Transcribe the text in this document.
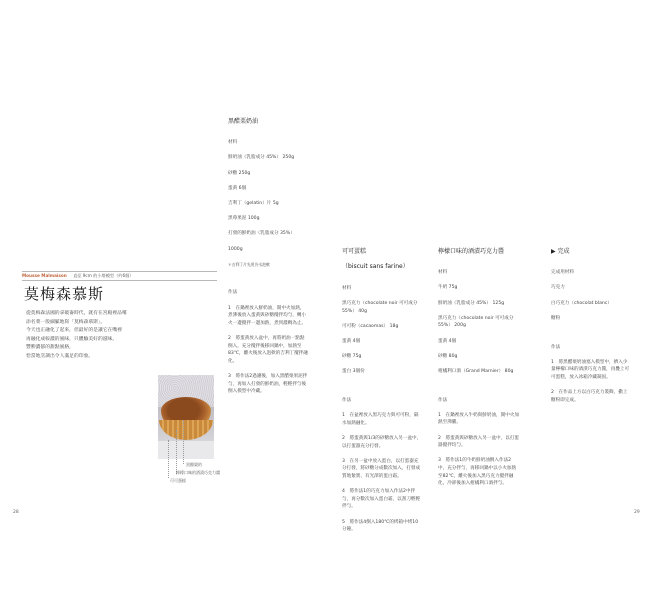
Mousse Malmaison 直徑 9cm 的小塔模型（約6個）
莫梅森慕斯
從莫梅森法國的拿破崙時代，就有在宮殿裡品嚐
添名菜一般細膩地寫「莫梅森慕斯」。
今天也正融化了起來，但最好的是讓它在嘴裡
再融化成較濃的風味，只體驗美好的滋味。
豐腴濃郁的甜點風格，
恰當地烹調出令人滿足的印象。
黑醋栗的
檸檬口味的酒漬巧克力醬
可可蛋糕
28

黑醋栗奶油

材料

鮮奶油（乳脂成分 45%） 250g

砂糖 250g

蛋黃 6個

吉利丁（gelatin）片 5g

黑莓果泥 100g

打發的鮮奶油（乳脂成分 35%）

1000g

＊吉利丁片先用冷水泡軟

作法

1　在鍋裡放入鮮奶油，開中火加熱，煮沸後放入蛋黃與砂糖攪拌均勻，轉小火一邊攪拌一邊加熱，煮到濃稠為止。

2　將蛋黃放入盆中，再將奶油一點點倒入，充分攪拌後移回鍋中，加熱至83℃，離火後放入泡軟的吉利丁攪拌融化。

3　將作法2過濾後，加入黑醋栗果泥拌勻，再加入打發的鮮奶油，輕輕拌勻後倒入模型中冷藏。

可可蛋糕

（biscuit sans farine）

材料

黑巧克力（chocolate noir 可可成分 55%） 40g

可可粉（cacaomas） 18g

蛋黃 4個

砂糖 75g

蛋白 3個份

作法

1　在盆裡放入黑巧克力與可可粉，隔水加熱融化。

2　將蛋黃與1/3的砂糖放入另一盆中，以打蛋器充分打發。

3　在另一盆中放入蛋白，以打蛋器充分打發，將砂糖分成數次加入，打發成質地紮實、有光澤的蛋白霜。

4　將作法1的巧克力加入作法2中拌勻，再分數次加入蛋白霜，以刮刀輕輕拌勻。

5　將作法4倒入180℃的烤箱中烤10分鐘。

檸檬口味的酒漬巧克力醬

材料

牛奶 75g

鮮奶油（乳脂成分 45%） 125g

黑巧克力（chocolate noir 可可成分 55%） 200g

蛋黃 4個

砂糖 80g

柑橘利口酒（Grand Marnier） 80g

作法

1　在鍋裡放入牛奶與鮮奶油，開中火加熱至沸騰。

2　將蛋黃與砂糖放入另一盆中，以打蛋器攪拌均勻。

3　將作法1的牛奶鮮奶油倒入作法2中，充分拌勻，再移回鍋中以小火加熱至82℃，離火後加入黑巧克力攪拌融化，冷卻後加入柑橘利口酒拌勻。

▶ 完成

完成用材料

巧克力

白巧克力（chocolat blanc）

糖粉

作法

1　將黑醋栗奶油塞入模型中，擠入少量檸檬口味的酒漬巧克力醬，再疊上可可蛋糕，放入冰箱冷藏凝固。

2　在作品上方以白巧克力裝飾，撒上糖粉即完成。

29
